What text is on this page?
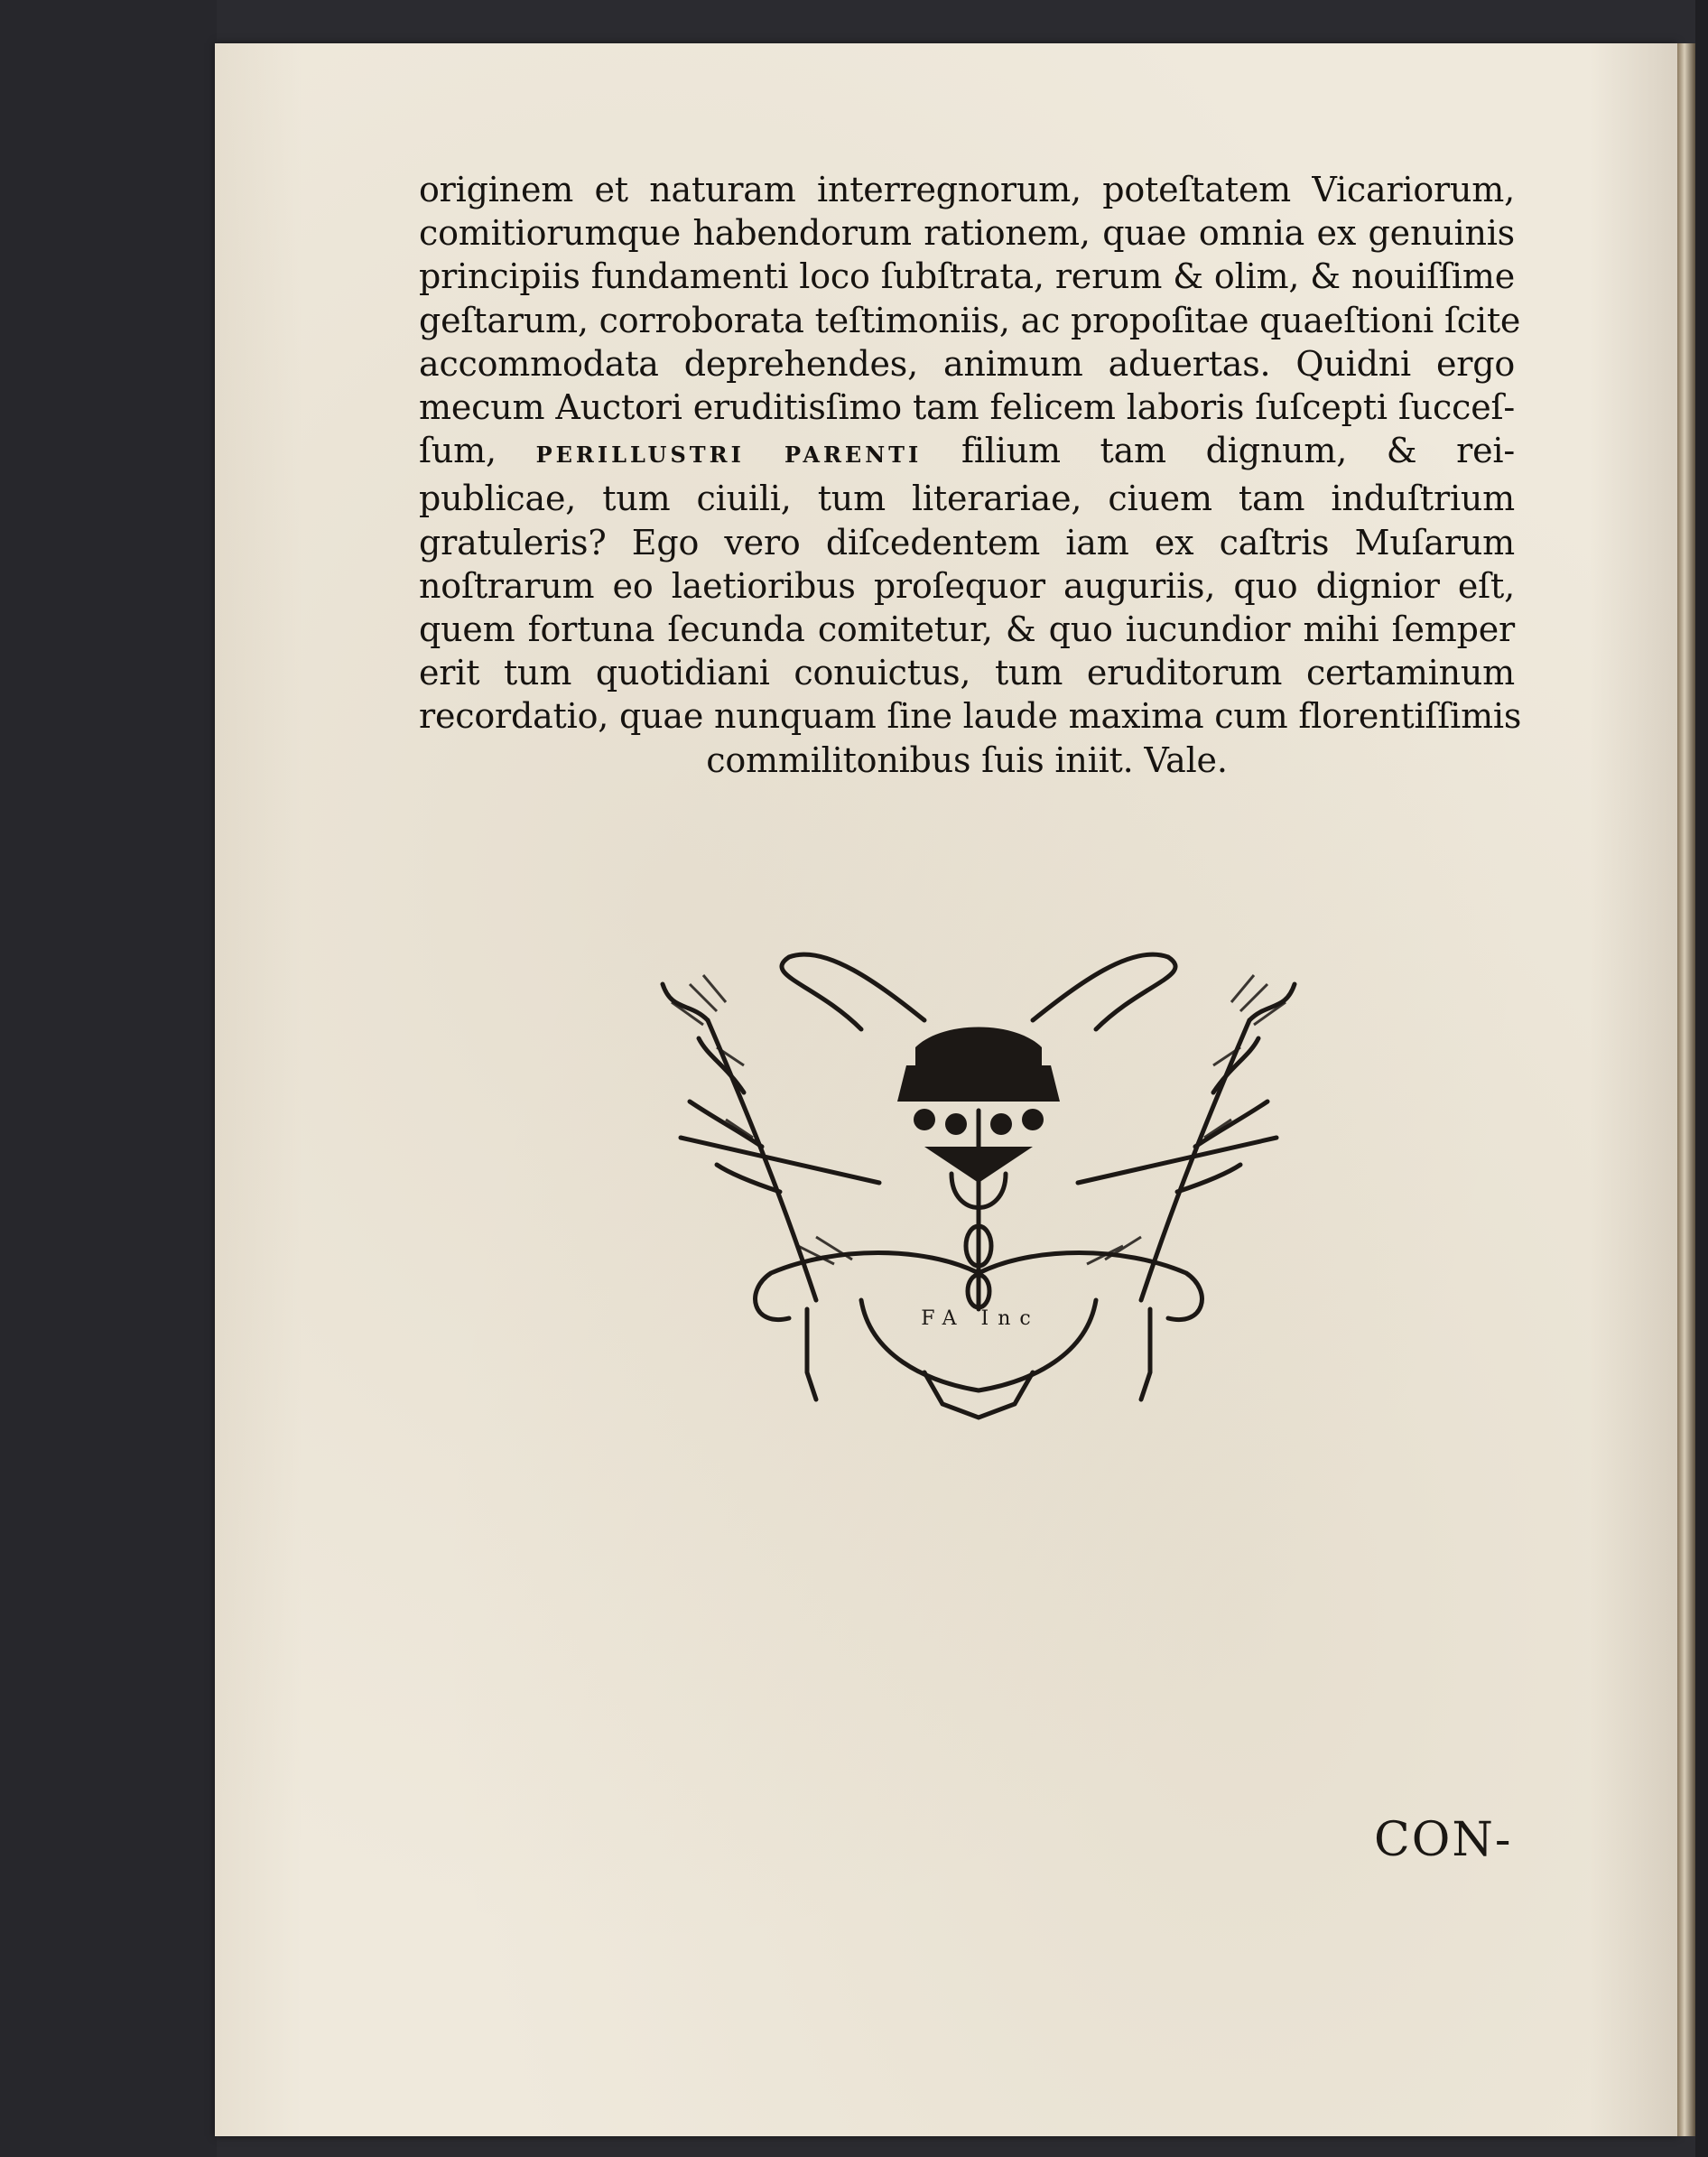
originem et naturam interregnorum, poteſtatem Vicariorum,
comitiorumque habendorum rationem, quae omnia ex genuinis
principiis fundamenti loco ſubſtrata, rerum & olim, & nouiſſime
geſtarum, corroborata teſtimoniis, ac propoſitae quaeſtioni ſcite
accommodata deprehendes, animum aduertas. Quidni ergo
mecum Auctori eruditisſimo tam felicem laboris ſuſcepti ſucceſ-
ſum, PERILLUSTRI PARENTI filium tam dignum, & rei-
publicae, tum ciuili, tum literariae, ciuem tam induſtrium
gratuleris? Ego vero diſcedentem iam ex caſtris Muſarum
noſtrarum eo laetioribus proſequor auguriis, quo dignior eſt,
quem fortuna ſecunda comitetur, & quo iucundior mihi ſemper
erit tum quotidiani conuictus, tum eruditorum certaminum
recordatio, quae nunquam ſine laude maxima cum florentiſſimis
commilitonibus ſuis iniit. Vale.
FA Inc
CON-
